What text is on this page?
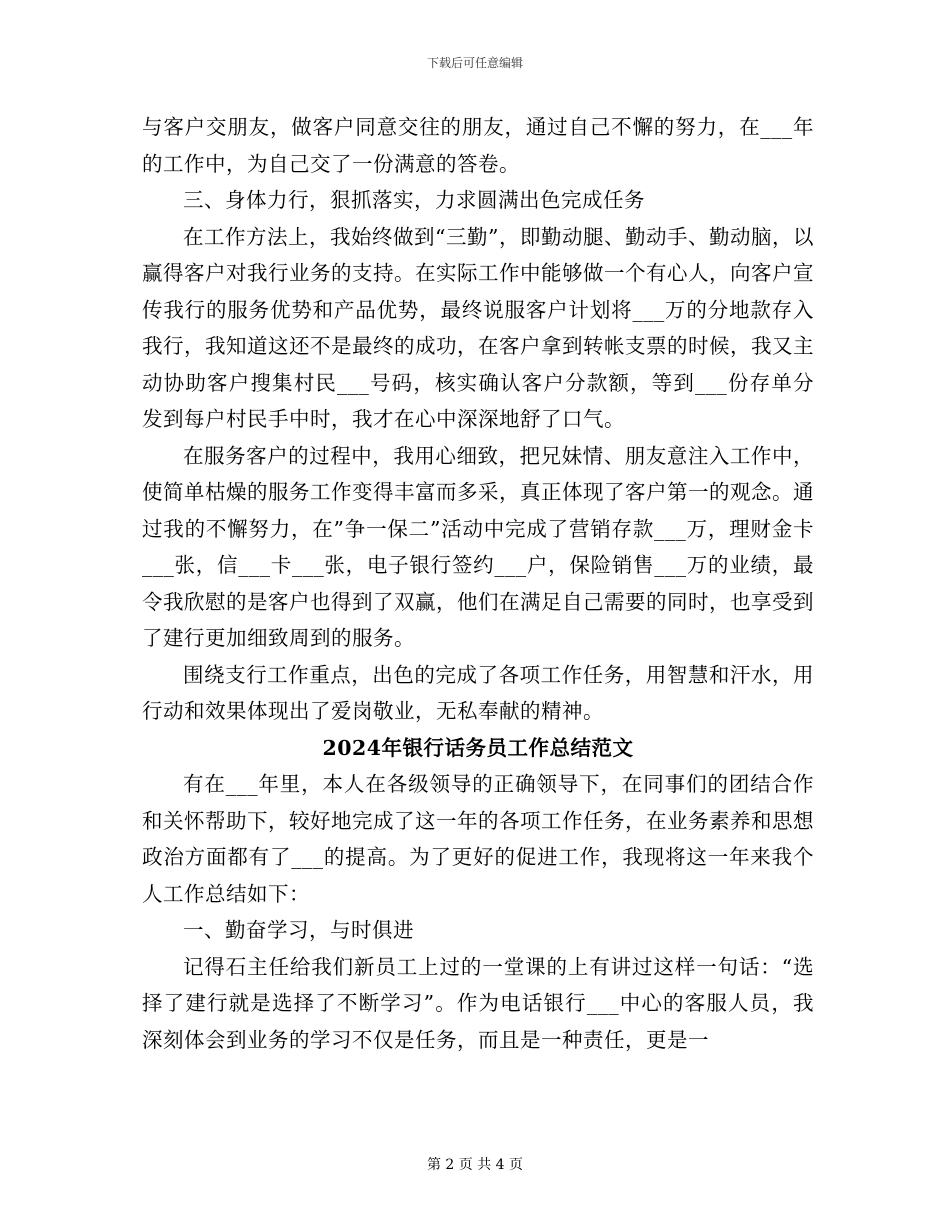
下载后可任意编辑

与客户交朋友，做客户同意交往的朋友，通过自己不懈的努力，在___年的工作中，为自己交了一份满意的答卷。

三、身体力行，狠抓落实，力求圆满出色完成任务

在工作方法上，我始终做到“三勤”，即勤动腿、勤动手、勤动脑，以赢得客户对我行业务的支持。在实际工作中能够做一个有心人，向客户宣传我行的服务优势和产品优势，最终说服客户计划将___万的分地款存入我行，我知道这还不是最终的成功，在客户拿到转帐支票的时候，我又主动协助客户搜集村民___号码，核实确认客户分款额，等到___份存单分发到每户村民手中时，我才在心中深深地舒了口气。

在服务客户的过程中，我用心细致，把兄妹情、朋友意注入工作中，使简单枯燥的服务工作变得丰富而多采，真正体现了客户第一的观念。通过我的不懈努力，在”争一保二”活动中完成了营销存款___万，理财金卡___张，信___卡___张，电子银行签约___户，保险销售___万的业绩，最令我欣慰的是客户也得到了双赢，他们在满足自己需要的同时，也享受到了建行更加细致周到的服务。

围绕支行工作重点，出色的完成了各项工作任务，用智慧和汗水，用行动和效果体现出了爱岗敬业，无私奉献的精神。

2024年银行话务员工作总结范文

有在___年里，本人在各级领导的正确领导下，在同事们的团结合作和关怀帮助下，较好地完成了这一年的各项工作任务，在业务素养和思想政治方面都有了___的提高。为了更好的促进工作，我现将这一年来我个人工作总结如下：

一、勤奋学习，与时俱进

记得石主任给我们新员工上过的一堂课的上有讲过这样一句话：“选择了建行就是选择了不断学习”。作为电话银行___中心的客服人员，我深刻体会到业务的学习不仅是任务，而且是一种责任，更是一

第 2 页 共 4 页
